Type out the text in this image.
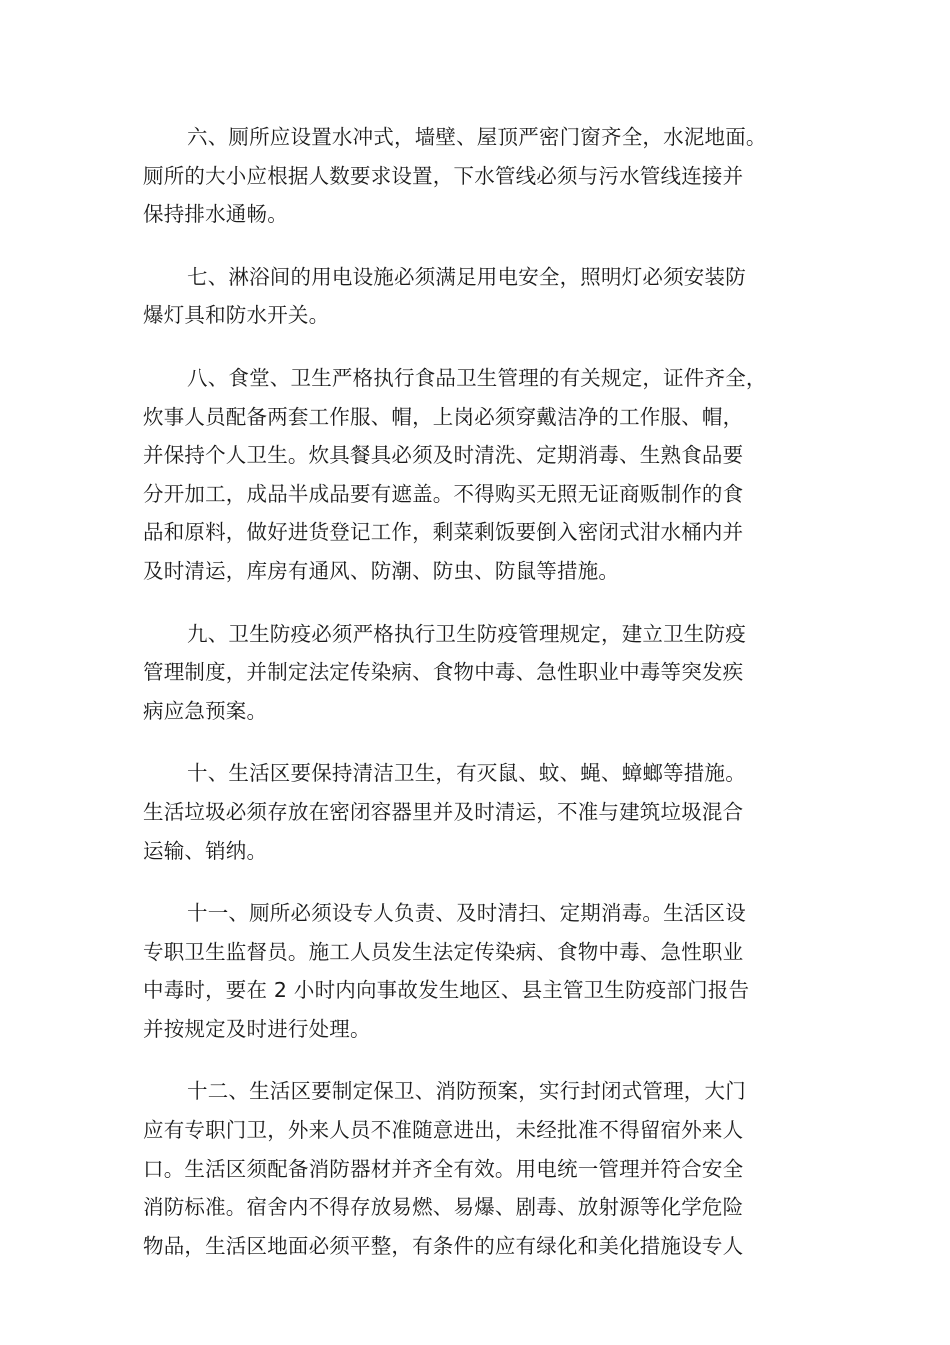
六、厕所应设置水冲式，墙壁、屋顶严密门窗齐全，水泥地面。
厕所的大小应根据人数要求设置，下水管线必须与污水管线连接并
保持排水通畅。
七、淋浴间的用电设施必须满足用电安全，照明灯必须安装防
爆灯具和防水开关。
八、食堂、卫生严格执行食品卫生管理的有关规定，证件齐全，
炊事人员配备两套工作服、帽，上岗必须穿戴洁净的工作服、帽，
并保持个人卫生。炊具餐具必须及时清洗、定期消毒、生熟食品要
分开加工，成品半成品要有遮盖。不得购买无照无证商贩制作的食
品和原料，做好进货登记工作，剩菜剩饭要倒入密闭式泔水桶内并
及时清运，库房有通风、防潮、防虫、防鼠等措施。
九、卫生防疫必须严格执行卫生防疫管理规定，建立卫生防疫
管理制度，并制定法定传染病、食物中毒、急性职业中毒等突发疾
病应急预案。
十、生活区要保持清洁卫生，有灭鼠、蚊、蝇、蟑螂等措施。
生活垃圾必须存放在密闭容器里并及时清运，不准与建筑垃圾混合
运输、销纳。
十一、厕所必须设专人负责、及时清扫、定期消毒。生活区设
专职卫生监督员。施工人员发生法定传染病、食物中毒、急性职业
中毒时，要在 2 小时内向事故发生地区、县主管卫生防疫部门报告
并按规定及时进行处理。
十二、生活区要制定保卫、消防预案，实行封闭式管理，大门
应有专职门卫，外来人员不准随意进出，未经批准不得留宿外来人
口。生活区须配备消防器材并齐全有效。用电统一管理并符合安全
消防标准。宿舍内不得存放易燃、易爆、剧毒、放射源等化学危险
物品，生活区地面必须平整，有条件的应有绿化和美化措施设专人
